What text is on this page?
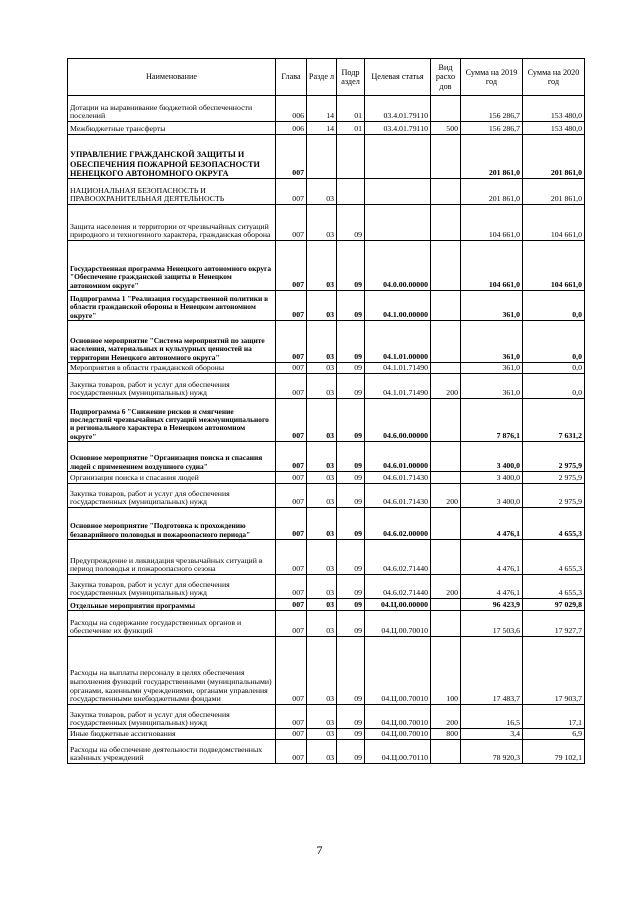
Наименование	Глава	Разде л	Подр аздел	Целевая статья	Вид расхо дов	Сумма на 2019 год	Сумма на 2020 год
Дотации на выравнивание бюджетной обеспеченности поселений	006	14	01	03.4.01.79110		156 286,7	153 480,0
Межбюджетные трансферты	006	14	01	03.4.01.79110	500	156 286,7	153 480,0
УПРАВЛЕНИЕ ГРАЖДАНСКОЙ ЗАЩИТЫ И ОБЕСПЕЧЕНИЯ ПОЖАРНОЙ БЕЗОПАСНОСТИ НЕНЕЦКОГО АВТОНОМНОГО ОКРУГА	007					201 861,0	201 861,0
НАЦИОНАЛЬНАЯ БЕЗОПАСНОСТЬ И ПРАВООХРАНИТЕЛЬНАЯ ДЕЯТЕЛЬНОСТЬ	007	03				201 861,0	201 861,0
Защита населения и территории от чрезвычайных ситуаций природного и техногенного характера, гражданская оборона	007	03	09			104 661,0	104 661,0
Государственная программа Ненецкого автономного округа "Обеспечение гражданской защиты в Ненецком автономном округе"	007	03	09	04.0.00.00000		104 661,0	104 661,0
Подпрограмма 1 "Реализация государственной политики в области гражданской обороны в Ненецком автономном округе"	007	03	09	04.1.00.00000		361,0	0,0
Основное мероприятие "Система мероприятий по защите населения, материальных и культурных ценностей на территории Ненецкого автономного округа"	007	03	09	04.1.01.00000		361,0	0,0
Мероприятия в области гражданской обороны	007	03	09	04.1.01.71490		361,0	0,0
Закупка товаров, работ и услуг для обеспечения государственных (муниципальных) нужд	007	03	09	04.1.01.71490	200	361,0	0,0
Подпрограмма 6 "Снижение рисков и смягчение последствий чрезвычайных ситуаций межмуниципального и регионального характера в Ненецком автономном округе"	007	03	09	04.6.00.00000		7 876,1	7 631,2
Основное мероприятие "Организация поиска и спасания людей с применением воздушного судна"	007	03	09	04.6.01.00000		3 400,0	2 975,9
Организация поиска и спасания людей	007	03	09	04.6.01.71430		3 400,0	2 975,9
Закупка товаров, работ и услуг для обеспечения государственных (муниципальных) нужд	007	03	09	04.6.01.71430	200	3 400,0	2 975,9
Основное мероприятие "Подготовка к прохождению безаварийного половодья и пожароопасного периода"	007	03	09	04.6.02.00000		4 476,1	4 655,3
Предупреждение и ликвидация чрезвычайных ситуаций в период половодья и пожароопасного сезона	007	03	09	04.6.02.71440		4 476,1	4 655,3
Закупка товаров, работ и услуг для обеспечения государственных (муниципальных) нужд	007	03	09	04.6.02.71440	200	4 476,1	4 655,3
Отдельные мероприятия программы	007	03	09	04.Ц.00.00000		96 423,9	97 029,8
Расходы на содержание государственных органов и обеспечение их функций	007	03	09	04.Ц.00.70010		17 503,6	17 927,7
Расходы на выплаты персоналу в целях обеспечения выполнения функций государственными (муниципальными) органами, казенными учреждениями, органами управления государственными внебюджетными фондами	007	03	09	04.Ц.00.70010	100	17 483,7	17 903,7
Закупка товаров, работ и услуг для обеспечения государственных (муниципальных) нужд	007	03	09	04.Ц.00.70010	200	16,5	17,1
Иные бюджетные ассигнования	007	03	09	04.Ц.00.70010	800	3,4	6,9
Расходы на обеспечение деятельности подведомственных казённых учреждений	007	03	09	04.Ц.00.70110		78 920,3	79 102,1
7
